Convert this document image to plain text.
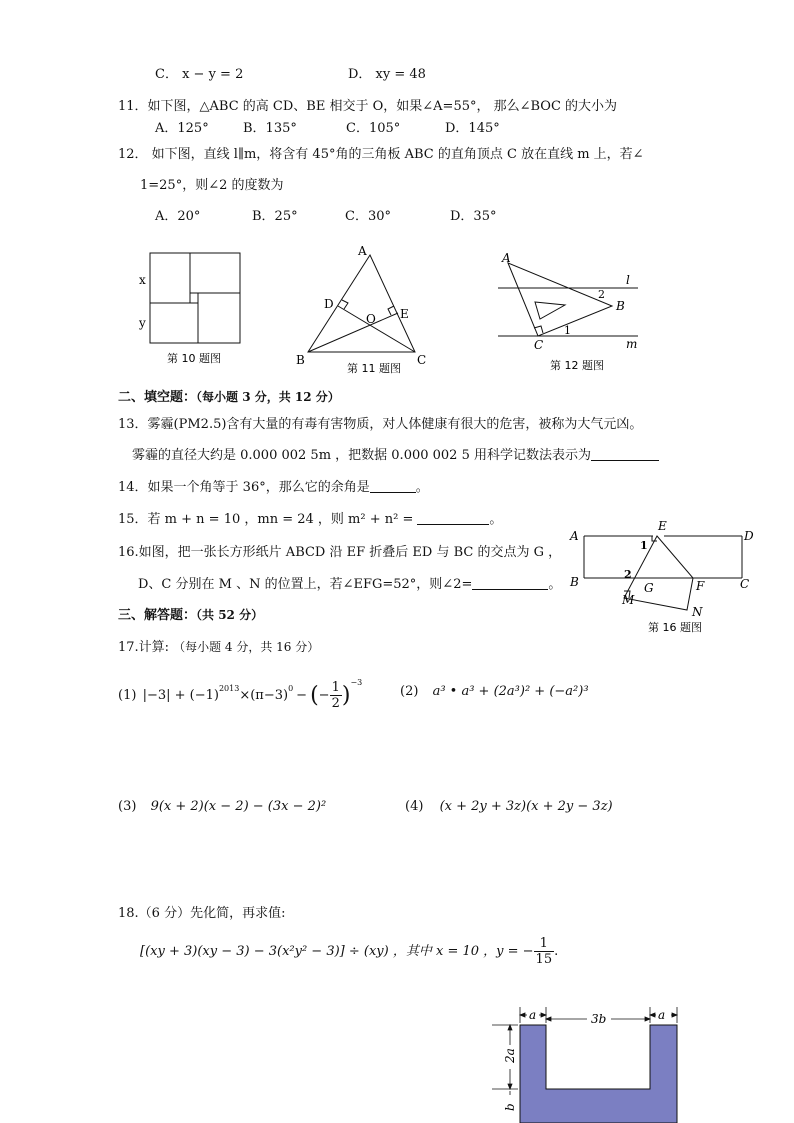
C． x − y = 2	D． xy = 48
11．如下图，△ABC 的高 CD、BE 相交于 O，如果∠A=55°， 那么∠BOC 的大小为
A．125°	B．135°	C．105°	D．145°
12． 如下图，直线 l∥m，将含有 45°角的三角板 ABC 的直角顶点 C 放在直线 m 上，若∠
1=25°，则∠2 的度数为
A．20°	B．25°	C．30°	D．35°
x
y
第 10 题图
A
B	C
D
E
O
第 11 题图
A
B
C
l
m
2
1
第 12 题图
二、填空题：（每小题 3 分，共 12 分）
13．雾霾(PM2.5)含有大量的有毒有害物质，对人体健康有很大的危害，被称为大气元凶。
雾霾的直径大约是 0.000 002 5m ，把数据 0.000 002 5 用科学记数法表示为
14．如果一个角等于 36°，那么它的余角是	。
15．若 m + n = 10 ，mn = 24 ，则 m² + n² =	。
16.如图，把一张长方形纸片 ABCD 沿 EF 折叠后 ED 与 BC 的交点为 G ，
D、C 分别在 M 、N 的位置上，若∠EFG=52°，则∠2=	。
A	D
E
B	C
G	F
M
N
1
2
第 16 题图
三、解答题：（共 52 分）
17.计算: （每小题 4 分，共 16 分）
(1) $|-3| + (-1)^{2013}\times(\pi-3)^0$ − (− $\frac{1}{2} )^{-3}$
(2) a³ • a³ + (2a³)² + (−a²)³
(3) 9(x + 2)(x − 2) − (3x − 2)²	(4) (x + 2y + 3z)(x + 2y − 3z)
18.（6 分）先化简，再求值:
[(xy + 3)(xy − 3) − 3(x²y² − 3)] ÷ (xy) ，其中 x = 10 ，y = − $\frac{1}{15}$ .
a	3b	a
2a
b
